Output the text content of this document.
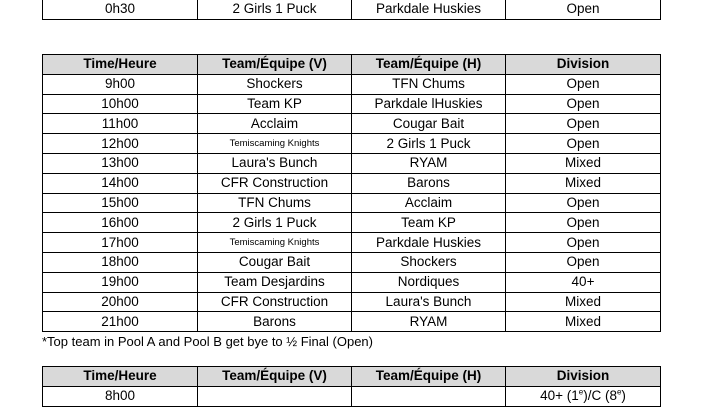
0h30	2 Girls 1 Puck	Parkdale Huskies	Open
Time/Heure	Team/Équipe (V)	Team/Équipe (H)	Division
9h00	Shockers	TFN Chums	Open
10h00	Team KP	Parkdale lHuskies	Open
11h00	Acclaim	Cougar Bait	Open
12h00	Temiscaming Knights	2 Girls 1 Puck	Open
13h00	Laura's Bunch	RYAM	Mixed
14h00	CFR Construction	Barons	Mixed
15h00	TFN Chums	Acclaim	Open
16h00	2 Girls 1 Puck	Team KP	Open
17h00	Temiscaming Knights	Parkdale Huskies	Open
18h00	Cougar Bait	Shockers	Open
19h00	Team Desjardins	Nordiques	40+
20h00	CFR Construction	Laura's Bunch	Mixed
21h00	Barons	RYAM	Mixed
*Top team in Pool A and Pool B get bye to ½ Final (Open)
Time/Heure	Team/Équipe (V)	Team/Équipe (H)	Division
8h00			$40+ (1^e)/C$ (8e)
